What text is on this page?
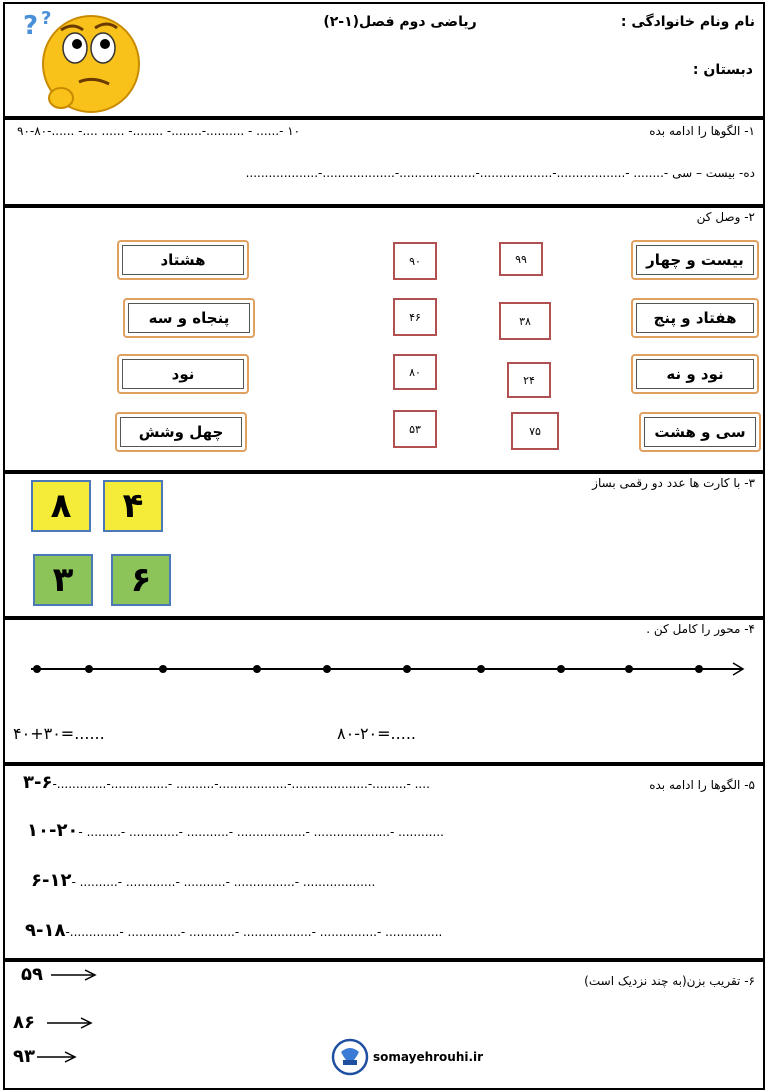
? ?	نام ونام خانوادگی :
ریاضی دوم فصل(۱-۲)
دبستان :
۱- الگوها را ادامه بده
۹۰-۸۰-...... -.... ...... -........ -........-.......... - ......- ۱۰
ده- بیست – سی -........ -..................-...................-....................-...................-...................
۲- وصل کن
بیست و چهار
هفتاد و پنج
نود و نه
سی و هشت
۹۹
۳۸
۲۴
۷۵
۹۰
۴۶
۸۰
۵۳
هشتاد
پنجاه و سه
نود
چهل وشش
۳- با کارت ها عدد دو رقمی بساز
۴
۸
۶
۳
۴- محور را کامل کن .
۸۰-۲۰=.....
۴۰+۳۰=......
۵- الگوها را ادامه بده
۳-۶-.............-...............- ..........-..................-....................-.........- ....
۱۰-۲۰- .........- .............- ...........- ..................- ....................- ............
۶-۱۲- ..........- .............- ...........- ................- ...................
۹-۱۸-.............- ..............- ............- ..................- ...............- ...............
۶- تقریب بزن(به چند نزدیک است)
۵۹
۸۶
۹۳	somayehrouhi.ir
